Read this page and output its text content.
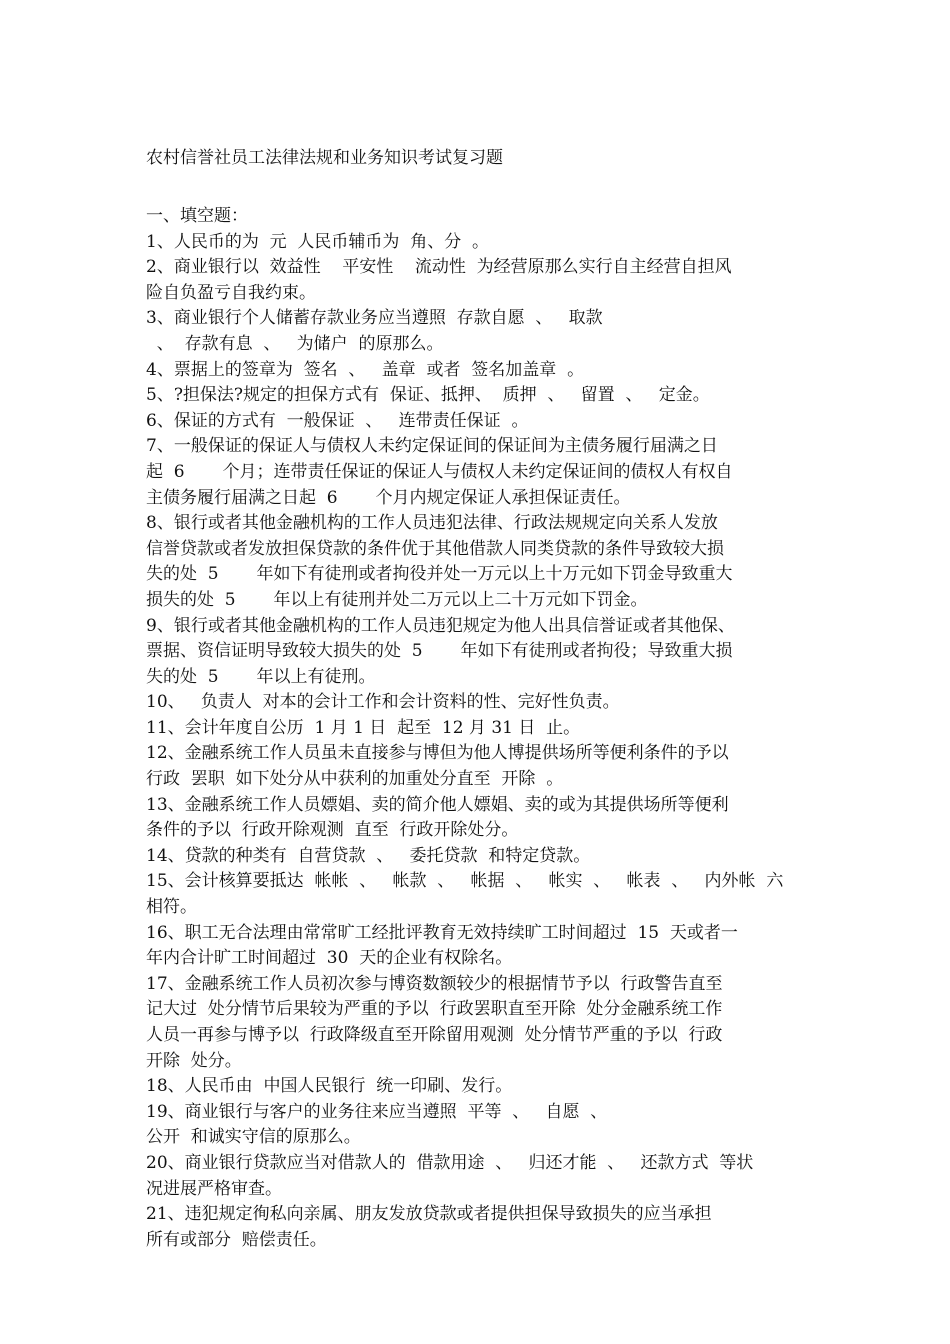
农村信誉社员工法律法规和业务知识考试复习题
一、填空题：
1、人民币的为  元  人民币辅币为  角、分  。
2、商业银行以  效益性    平安性    流动性  为经营原那么实行自主经营自担风
险自负盈亏自我约束。
3、商业银行个人储蓄存款业务应当遵照  存款自愿  、   取款
、  存款有息  、   为储户  的原那么。
4、票据上的签章为  签名  、   盖章  或者  签名加盖章  。
5、?担保法?规定的担保方式有  保证、抵押、  质押  、   留置  、   定金。
6、保证的方式有  一般保证  、   连带责任保证  。
7、一般保证的保证人与债权人未约定保证间的保证间为主债务履行届满之日
起  6       个月；连带责任保证的保证人与债权人未约定保证间的债权人有权自
主债务履行届满之日起  6       个月内规定保证人承担保证责任。
8、银行或者其他金融机构的工作人员违犯法律、行政法规规定向关系人发放
信誉贷款或者发放担保贷款的条件优于其他借款人同类贷款的条件导致较大损
失的处  5       年如下有徒刑或者拘役并处一万元以上十万元如下罚金导致重大
损失的处  5       年以上有徒刑并处二万元以上二十万元如下罚金。
9、银行或者其他金融机构的工作人员违犯规定为他人出具信誉证或者其他保、
票据、资信证明导致较大损失的处  5       年如下有徒刑或者拘役；导致重大损
失的处  5       年以上有徒刑。
10、   负责人  对本的会计工作和会计资料的性、完好性负责。
11、会计年度自公历  1 月 1 日  起至  12 月 31 日  止。
12、金融系统工作人员虽未直接参与博但为他人博提供场所等便利条件的予以
行政  罢职  如下处分从中获利的加重处分直至  开除  。
13、金融系统工作人员嫖娼、卖的简介他人嫖娼、卖的或为其提供场所等便利
条件的予以  行政开除观测  直至  行政开除处分。
14、贷款的种类有  自营贷款  、   委托贷款  和特定贷款。
15、会计核算要抵达  帐帐  、   帐款  、   帐据  、   帐实  、   帐表  、   内外帐  六
相符。
16、职工无合法理由常常旷工经批评教育无效持续旷工时间超过  15  天或者一
年内合计旷工时间超过  30  天的企业有权除名。
17、金融系统工作人员初次参与博资数额较少的根据情节予以  行政警告直至
记大过  处分情节后果较为严重的予以  行政罢职直至开除  处分金融系统工作
人员一再参与博予以  行政降级直至开除留用观测  处分情节严重的予以  行政
开除  处分。
18、人民币由  中国人民银行  统一印刷、发行。
19、商业银行与客户的业务往来应当遵照  平等  、   自愿  、
公开  和诚实守信的原那么。
20、商业银行贷款应当对借款人的  借款用途  、   归还才能  、   还款方式  等状
况进展严格审查。
21、违犯规定徇私向亲属、朋友发放贷款或者提供担保导致损失的应当承担
所有或部分  赔偿责任。
